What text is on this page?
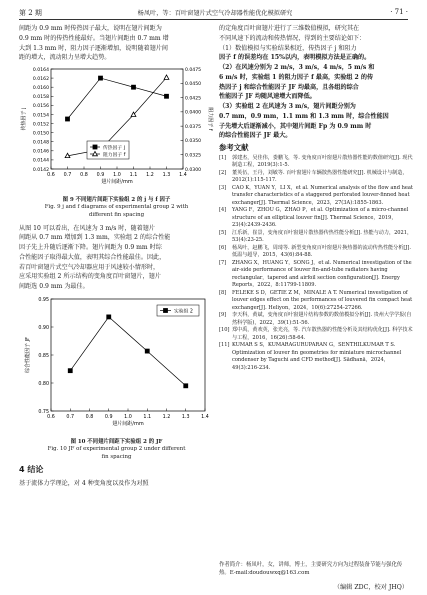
第 2 期	杨凤叶，等：百叶窗翅片式空气冷却器性能优化模拟研究	· 71 ·

间距为 0.9 mm 时传热因子最大，说明在翅片间距为
0.9 mm 时的传热性能最好。当翅片间距由 0.7 mm 增
大到 1.3 mm 时，阻力因子逐渐增加，说明随着翅片间
距的增大，流动阻力呈增大趋势。

0.0142
0.0144
0.0146
0.0148
0.0150
0.0152
0.0154
0.0156
0.0158
0.0160
0.0162
0.0164
0.0300
0.0325
0.0350
0.0375
0.0400
0.0425
0.0450
0.0475
0.6 0.7 0.8 0.9 1.0 1.1 1.2 1.3 1.4
翅片间距/mm
传热因子 j	阻力因子 f
传热因子 j
阻力因子 f
图 9 不同翅片间距下实验组 2 的 j 与 f 因子
Fig. 9 j and f diagrams of experimental group 2 with
different fin spacing

从图 10 可以看出，在风速为 3 m/s 时，随着翅片
间距从 0.7 mm 增加到 1.3 mm，实验组 2 的综合性能
因子先上升随后逐渐下降。翅片间距为 0.9 mm 时综
合性能因子取得最大值，表明其综合性能最佳。因此，
若百叶窗翅片式空气冷却器应用于风速较小情形时，
应采用实验组 2 所示结构的变角度百叶窗翅片，翅片
间距选 0.9 mm 为最佳。

0.75
0.80
0.85
0.90
0.95
0.6 0.7 0.8 0.9 1.0 1.1 1.2 1.3 1.4
翅片间距/mm
综合性能因子 JF
实验组 2
图 10 不同翅片间距下实验组 2 的 JF
Fig. 10 JF of experimental group 2 under different
fin spacing
4 结论

基于流体力学理论，对 4 种变角度以及作为对照

的定角度百叶窗翅片进行了三维数值模拟，研究其在
不同风速下的流动和传热情况，得到的主要结论如下：

（1）数值模拟与实验结果相近，传热因子 j 和阻力

因子 f 的误差均在 15%以内，表明模拟方法是正确的。

（2）在风速分别为 2 m/s，3 m/s，4 m/s，5 m/s 和
6 m/s 时，实验组 1 的阻力因子 f 最高，实验组 2 的传
热因子 j 和综合性能因子 JF 均最高，且各组的综合
性能因子 JF 均随风速增大而降低。

（3）实验组 2 在风速为 3 m/s，翅片间距分别为
0.7 mm，0.9 mm，1.1 mm 和 1.3 mm 时，综合性能因
子先增大后逐渐减小，其中翅片间距 Fp 为 0.9 mm 时
的综合性能因子 JF 最大。

参考文献
[1]	郭建杰，吴佳伟，娄鹏飞，等. 变角度百叶窗翅片散热器性能的数值研究[J]. 现代制造工程，2019(3):1-5.
[2]	董英伍，王丹，刘敏等. 百叶窗翅片车辆散热器性能研究[J]. 机械设计与制造，2012(1):115-117.
[3]	CAO K，YUAN Y，LI X，et al. Numerical analysis of the flow and heat transfer characteristics of a staggered perforated louver-finned heat exchanger[J]. Thermal Science，2023，27(3A):1855-1863.
[4]	YANG F，ZHOU G，ZHAO P，et al. Optimization of a micro-channel structure of an elliptical louver fin[J]. Thermal Science，2019，23(4):2439-2436.
[5]	江乐新，崔景，变角度百叶窗翅片散热器传热性能分析[J]. 热能与动力，2021，53(4):23-25.
[6]	杨凤叶，赵鹏飞，周琦等. 新型变角度百叶窗翅片换热器的流动传热性能分析[J]. 低温与超导，2015，43(6):84-88.
[7]	ZHANG X，HUANG Y，SONG J，et al. Numerical investigation of the air-side performance of louver fin-and-tube radiators having rectangular，tapered and airfoil section configuration[J]. Energy Reports，2022，8:11799-11809.
[8]	FELEKE S D，GETIE Z M，MINALE A T. Numerical investigation of louver edges effect on the performances of louvered fin compact heat exchanger[J]. Heliyon，2024，10(6):27254-27266.
[9]	李天科，黄斌，变角度百叶窗翅片结构参数的数值模拟分析[J]. 贵州大学学报(自然科学版)，2022，39(1):51-56.
[10] 郑中禹，黄欢英，张光亮，等. 汽车散热器的性能分析及其结构优化[J]. 科学技术与工程，2016，16(26):58-64.
[11] KUMAR S S，KUMARAGURUPARAN G，SENTHILKUMAR T S. Optimization of louver fin geometries for miniature microchannel condenser by Taguchi and CFD method[J]. Sādhanā，2024，49(3):216-234.
作者简介：杨凤叶，女，讲师，博士，主要研究方向为过程装备节能与强化传热。E-mail:doudouwxq@163.com
（编辑 ZDC，校对 JHQ）
